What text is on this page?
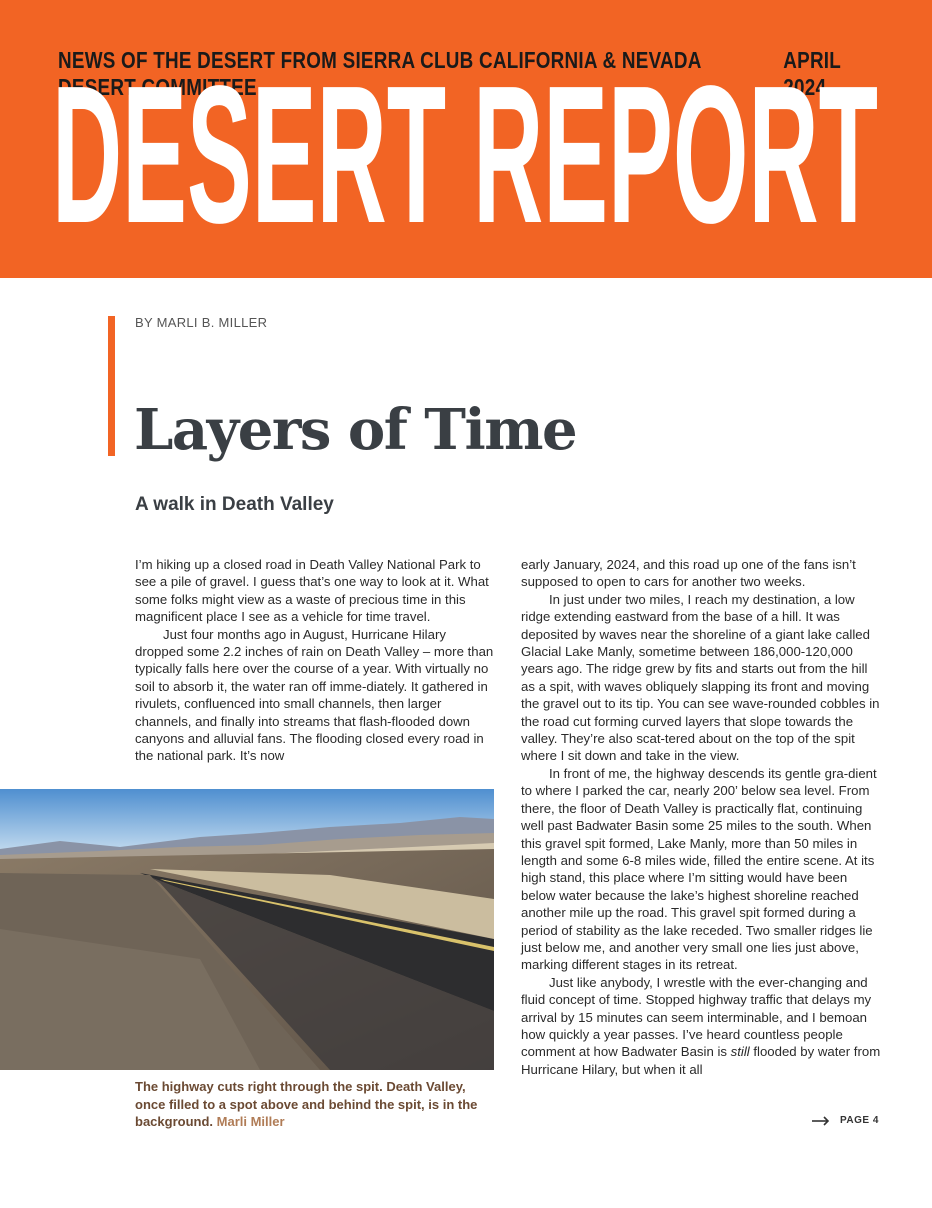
NEWS OF THE DESERT FROM SIERRA CLUB CALIFORNIA & NEVADA DESERT COMMITTEE
APRIL 2024
DESERT REPORT
BY MARLI B. MILLER
Layers of Time
A walk in Death Valley

I’m hiking up a closed road in Death Valley National Park to see a pile of gravel. I guess that’s one way to look at it. What some folks might view as a waste of precious time in this magnificent place I see as a vehicle for time travel.

Just four months ago in August, Hurricane Hilary dropped some 2.2 inches of rain on Death Valley – more than typically falls here over the course of a year. With virtually no soil to absorb it, the water ran off imme-diately. It gathered in rivulets, confluenced into small channels, then larger channels, and finally into streams that flash-flooded down canyons and alluvial fans. The flooding closed every road in the national park. It’s now

early January, 2024, and this road up one of the fans isn’t supposed to open to cars for another two weeks.

In just under two miles, I reach my destination, a low ridge extending eastward from the base of a hill. It was deposited by waves near the shoreline of a giant lake called Glacial Lake Manly, sometime between 186,000-120,000 years ago. The ridge grew by fits and starts out from the hill as a spit, with waves obliquely slapping its front and moving the gravel out to its tip. You can see wave-rounded cobbles in the road cut forming curved layers that slope towards the valley. They’re also scat-tered about on the top of the spit where I sit down and take in the view.

In front of me, the highway descends its gentle gra-dient to where I parked the car, nearly 200’ below sea level. From there, the floor of Death Valley is practically flat, continuing well past Badwater Basin some 25 miles to the south. When this gravel spit formed, Lake Manly, more than 50 miles in length and some 6-8 miles wide, filled the entire scene. At its high stand, this place where I’m sitting would have been below water because the lake’s highest shoreline reached another mile up the road. This gravel spit formed during a period of stability as the lake receded. Two smaller ridges lie just below me, and another very small one lies just above, marking different stages in its retreat.

Just like anybody, I wrestle with the ever-changing and fluid concept of time. Stopped highway traffic that delays my arrival by 15 minutes can seem interminable, and I bemoan how quickly a year passes. I’ve heard countless people comment at how Badwater Basin is still flooded by water from Hurricane Hilary, but when it all

The highway cuts right through the spit. Death Valley, once filled to a spot above and behind the spit, is in the background. Marli Miller	PAGE 4
